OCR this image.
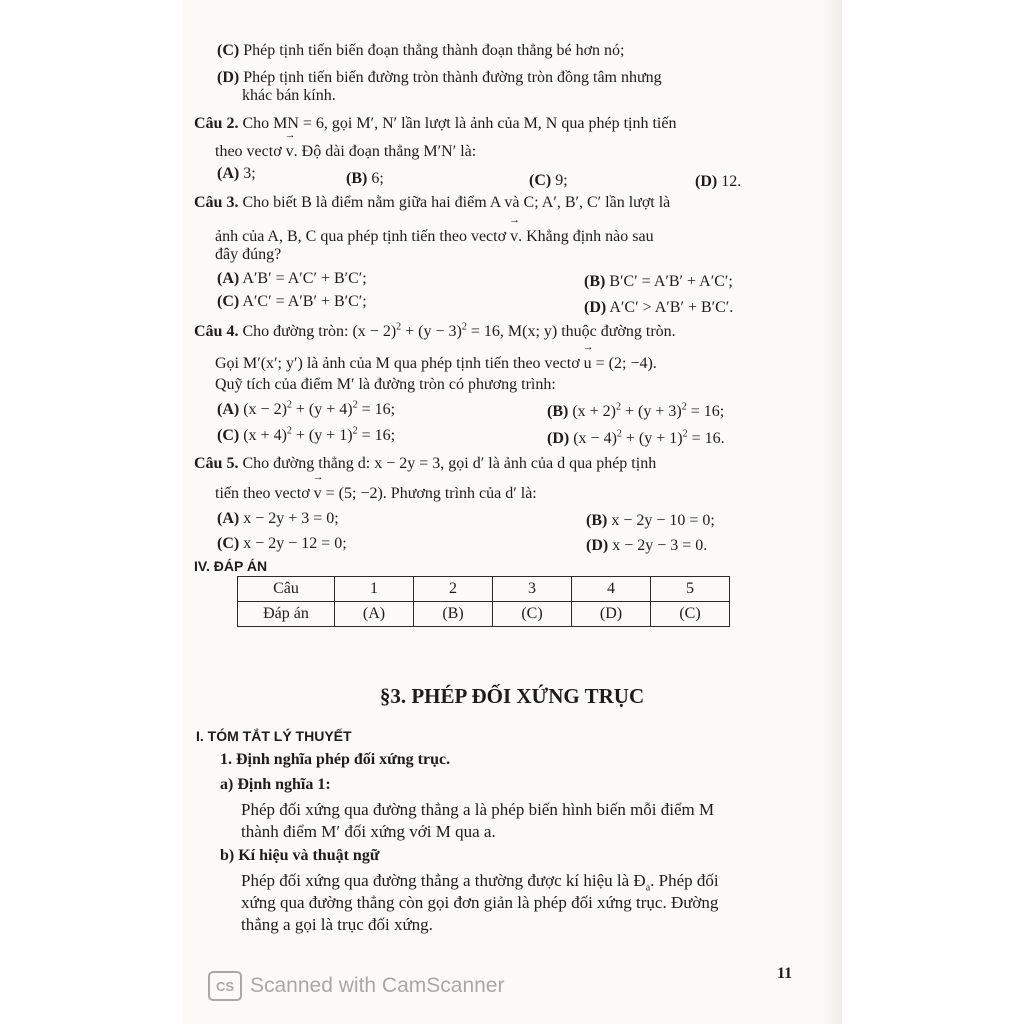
(C) Phép tịnh tiến biến đoạn thẳng thành đoạn thẳng bé hơn nó;
(D) Phép tịnh tiến biến đường tròn thành đường tròn đồng tâm nhưng
khác bán kính.
Câu 2. Cho MN = 6, gọi M′, N′ lần lượt là ảnh của M, N qua phép tịnh tiến
theo vectơ → v. Độ dài đoạn thẳng M′N′ là:
(A) 3;	(B) 6;	(C) 9;	(D) 12.
Câu 3. Cho biết B là điểm nằm giữa hai điểm A và C; A′, B′, C′ lần lượt là
ảnh của A, B, C qua phép tịnh tiến theo vectơ → v. Khẳng định nào sau
đây đúng?
(A) A′B′ = A′C′ + B′C′;	(B) B′C′ = A′B′ + A′C′;
(C) A′C′ = A′B′ + B′C′;	(D) A′C′ > A′B′ + B′C′.
Câu 4. Cho đường tròn: $(x - 2)^2 + (y - 3)^2 = 16$, M(x; y) thuộc đường tròn.
Gọi M′(x′; y′) là ảnh của M qua phép tịnh tiến theo vectơ → u = (2; −4).
Quỹ tích của điểm M′ là đường tròn có phương trình:
(A) $(x - 2)^2 + (y + 4)^2 = 16$;	(B) $(x + 2)^2 + (y + 3)^2 = 16$;
(C) $(x + 4)^2 + (y + 1)^2 = 16$;	(D) $(x - 4)^2 + (y + 1)^2 = 16$.
Câu 5. Cho đường thẳng d: x − 2y = 3, gọi d′ là ảnh của d qua phép tịnh
tiến theo vectơ → v = (5; −2). Phương trình của d′ là:
(A) x − 2y + 3 = 0;	(B) x − 2y − 10 = 0;
(C) x − 2y − 12 = 0;	(D) x − 2y − 3 = 0.
IV. ĐÁP ÁN
Câu	1	2	3	4	5
Đáp án	(A)	(B)	(C)	(D)	(C)
§3. PHÉP ĐỐI XỨNG TRỤC
I. TÓM TẮT LÝ THUYẾT
1. Định nghĩa phép đối xứng trục.
a) Định nghĩa 1:
Phép đối xứng qua đường thẳng a là phép biến hình biến mỗi điểm M
thành điểm M′ đối xứng với M qua a.
b) Kí hiệu và thuật ngữ
Phép đối xứng qua đường thẳng a thường được kí hiệu là $Đ_a$. Phép đối
xứng qua đường thẳng còn gọi đơn giản là phép đối xứng trục. Đường
thẳng a gọi là trục đối xứng.
11
CS Scanned with CamScanner
